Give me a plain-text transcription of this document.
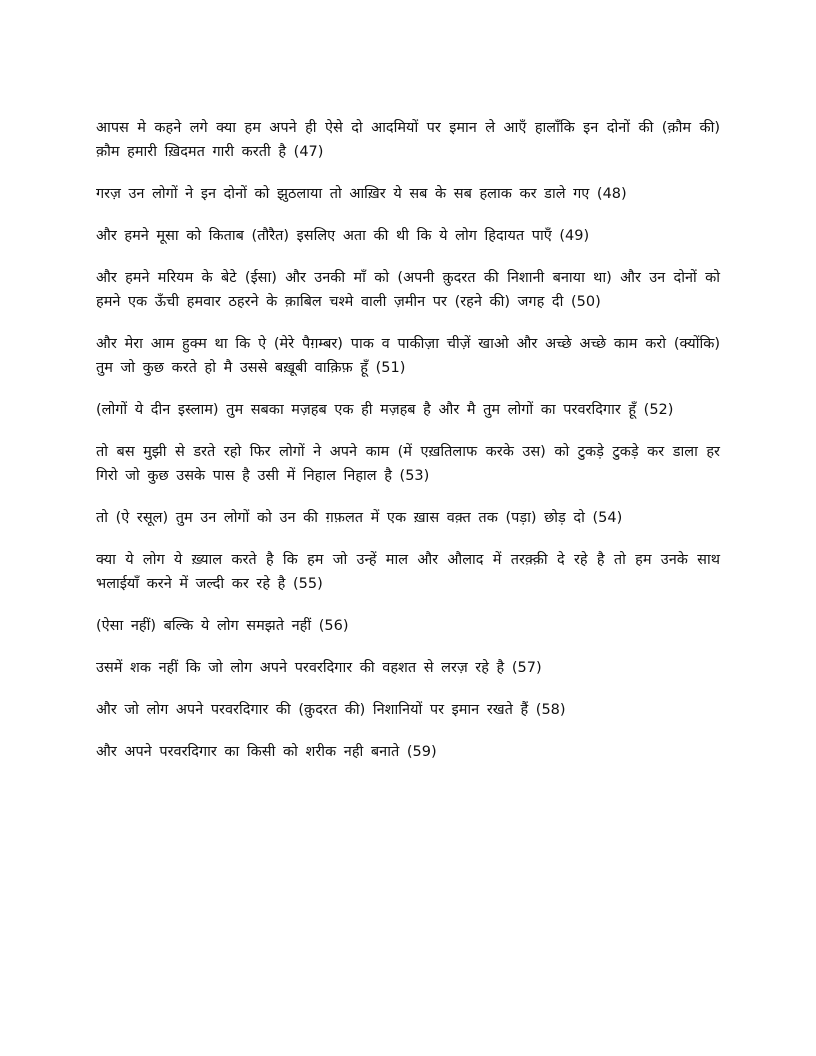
आपस मे कहने लगे क्या हम अपने ही ऐसे दो आदमियों पर इमान ले आएँ हालाँकि इन दोनों की (क़ौम की) क़ौम हमारी ख़िदमत गारी करती है (47)

गरज़ उन लोगों ने इन दोनों को झुठलाया तो आख़िर ये सब के सब हलाक कर डाले गए (48)

और हमने मूसा को किताब (तौरैत) इसलिए अता की थी कि ये लोग हिदायत पाएँ (49)

और हमने मरियम के बेटे (ईसा) और उनकी माँ को (अपनी क़ुदरत की निशानी बनाया था) और उन दोनों को हमने एक ऊँची हमवार ठहरने के क़ाबिल चश्मे वाली ज़मीन पर (रहने की) जगह दी (50)

और मेरा आम हुक्म था कि ऐ (मेरे पैग़म्बर) पाक व पाकीज़ा चीज़ें खाओ और अच्छे अच्छे काम करो (क्योंकि) तुम जो कुछ करते हो मै उससे बख़ूबी वाक़िफ़ हूँ (51)

(लोगों ये दीन इस्लाम) तुम सबका मज़हब एक ही मज़हब है और मै तुम लोगों का परवरदिगार हूँ (52)

तो बस मुझी से डरते रहो फिर लोगों ने अपने काम (में एख़तिलाफ करके उस) को टुकड़े टुकड़े कर डाला हर गिरो जो कुछ उसके पास है उसी में निहाल निहाल है (53)

तो (ऐ रसूल) तुम उन लोगों को उन की ग़फ़लत में एक ख़ास वक़्त तक (पड़ा) छोड़ दो (54)

क्या ये लोग ये ख़्याल करते है कि हम जो उन्हें माल और औलाद में तरक़्क़ी दे रहे है तो हम उनके साथ भलाईयाँ करने में जल्दी कर रहे है (55)

(ऐसा नहीं) बल्कि ये लोग समझते नहीं (56)

उसमें शक नहीं कि जो लोग अपने परवरदिगार की वहशत से लरज़ रहे है (57)

और जो लोग अपने परवरदिगार की (क़ुदरत की) निशानियों पर इमान रखते हैं (58)

और अपने परवरदिगार का किसी को शरीक नही बनाते (59)
